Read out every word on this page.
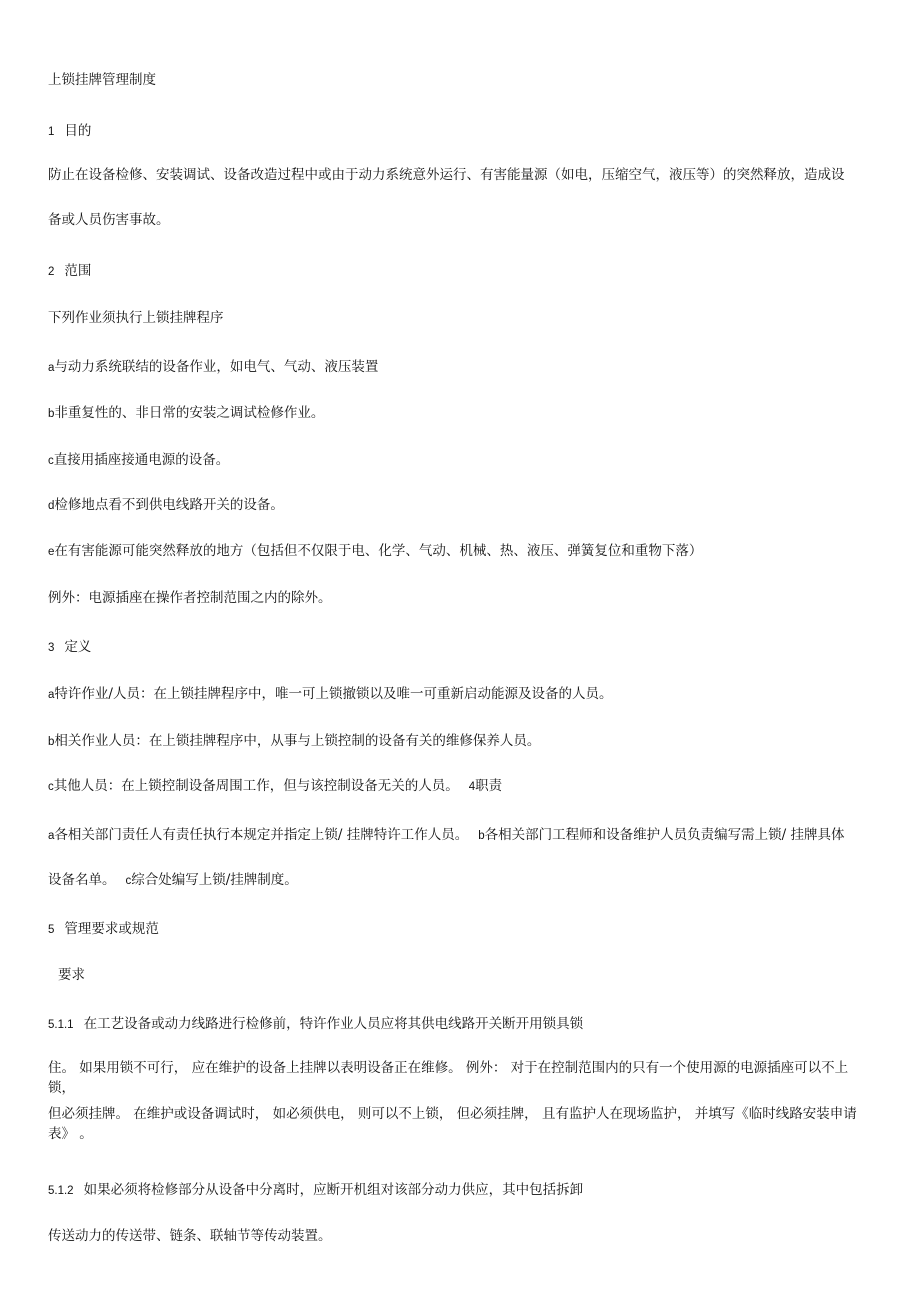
上锁挂牌管理制度
1 目的
防止在设备检修、安装调试、设备改造过程中或由于动力系统意外运行、有害能量源（如电，压缩空气，液压等）的突然释放，造成设
备或人员伤害事故。
2 范围
下列作业须执行上锁挂牌程序
a与动力系统联结的设备作业，如电气、气动、液压装置
b非重复性的、非日常的安装之调试检修作业。
c直接用插座接通电源的设备。
d检修地点看不到供电线路开关的设备。
e在有害能源可能突然释放的地方（包括但不仅限于电、化学、气动、机械、热、液压、弹簧复位和重物下落）
例外：电源插座在操作者控制范围之内的除外。
3 定义
a特许作业/人员：在上锁挂牌程序中，唯一可上锁撤锁以及唯一可重新启动能源及设备的人员。
b相关作业人员：在上锁挂牌程序中，从事与上锁控制的设备有关的维修保养人员。
c其他人员：在上锁控制设备周围工作，但与该控制设备无关的人员。 4职责
a各相关部门责任人有责任执行本规定并指定上锁/ 挂牌特许工作人员。 b各相关部门工程师和设备维护人员负责编写需上锁/ 挂牌具体
设备名单。 c综合处编写上锁/挂牌制度。
5 管理要求或规范
要求
5.1.1 在工艺设备或动力线路进行检修前，特许作业人员应将其供电线路开关断开用锁具锁
住。 如果用锁不可行， 应在维护的设备上挂牌以表明设备正在维修。 例外： 对于在控制范围内的只有一个使用源的电源插座可以不上锁，
但必须挂牌。 在维护或设备调试时， 如必须供电， 则可以不上锁， 但必须挂牌， 且有监护人在现场监护， 并填写《临时线路安装申请表》 。
5.1.2 如果必须将检修部分从设备中分离时，应断开机组对该部分动力供应，其中包括拆卸
传送动力的传送带、链条、联轴节等传动装置。
